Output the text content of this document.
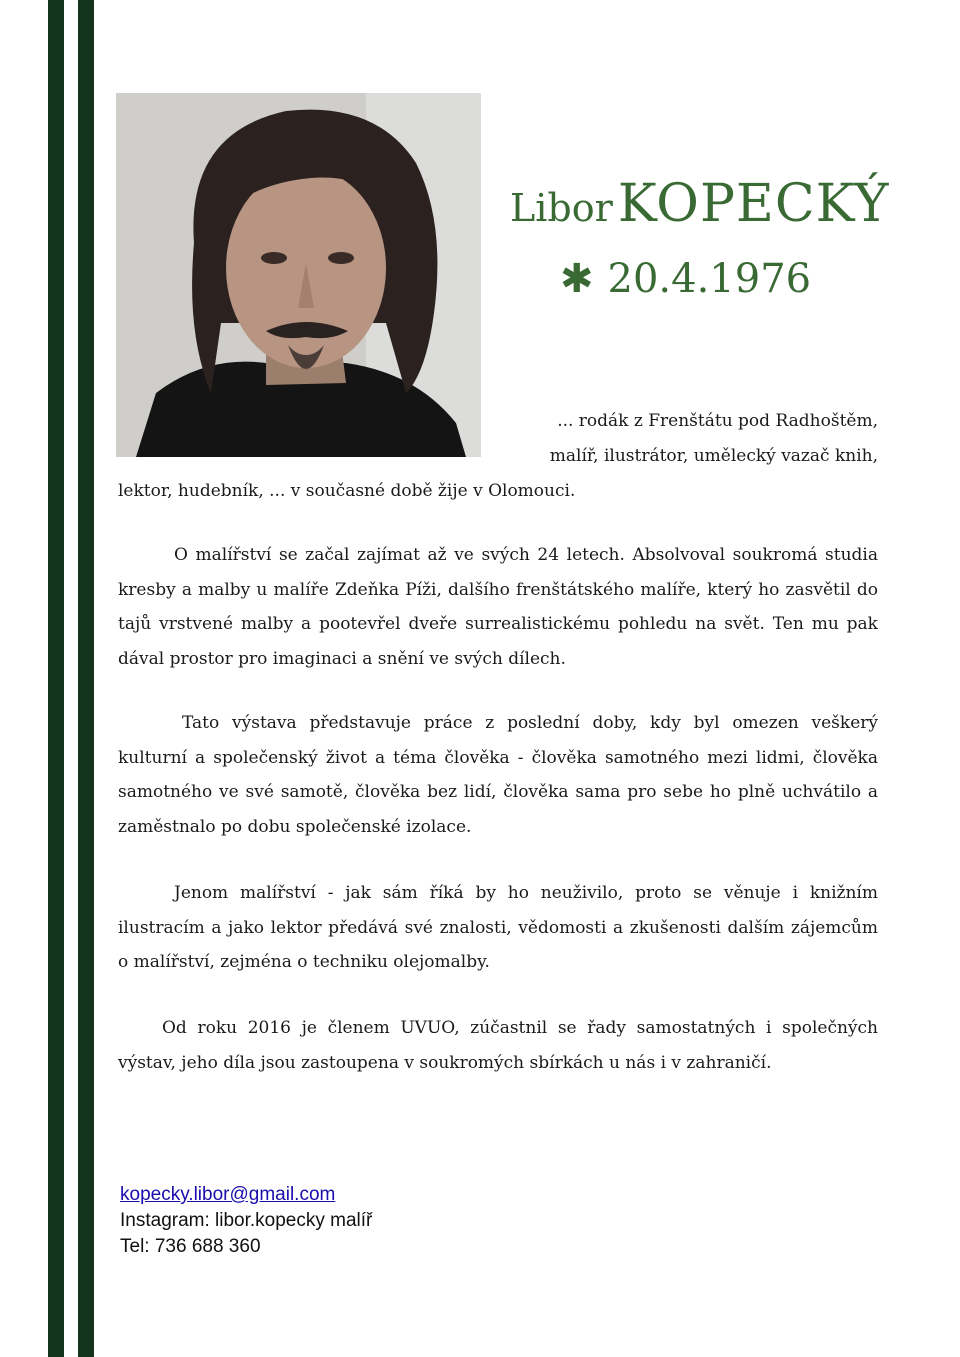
Libor KOPECKÝ
✱ 20.4.1976
... rodák z Frenštátu pod Radhoštěm,
malíř, ilustrátor, umělecký vazač knih,
lektor, hudebník, ... v současné době žije v Olomouci.
O malířství se začal zajímat až ve svých 24 letech. Absolvoval soukromá studia kresby a malby u malíře Zdeňka Píži, dalšího frenštátského malíře, který ho zasvětil do tajů vrstvené malby a pootevřel dveře surrealistickému pohledu na svět. Ten mu pak dával prostor pro imaginaci a snění ve svých dílech.
Tato výstava představuje práce z poslední doby, kdy byl omezen veškerý kulturní a společenský život a téma člověka - člověka samotného mezi lidmi, člověka samotného ve své samotě, člověka bez lidí, člověka sama pro sebe ho plně uchvátilo a zaměstnalo po dobu společenské izolace.
Jenom malířství - jak sám říká by ho neuživilo, proto se věnuje i knižním ilustracím a jako lektor předává své znalosti, vědomosti a zkušenosti dalším zájemcům o malířství, zejména o techniku olejomalby.
Od roku 2016 je členem UVUO, zúčastnil se řady samostatných i společných výstav, jeho díla jsou zastoupena v soukromých sbírkách u nás i v zahraničí.
kopecky.libor@gmail.com
Instagram: libor.kopecky malíř
Tel: 736 688 360
